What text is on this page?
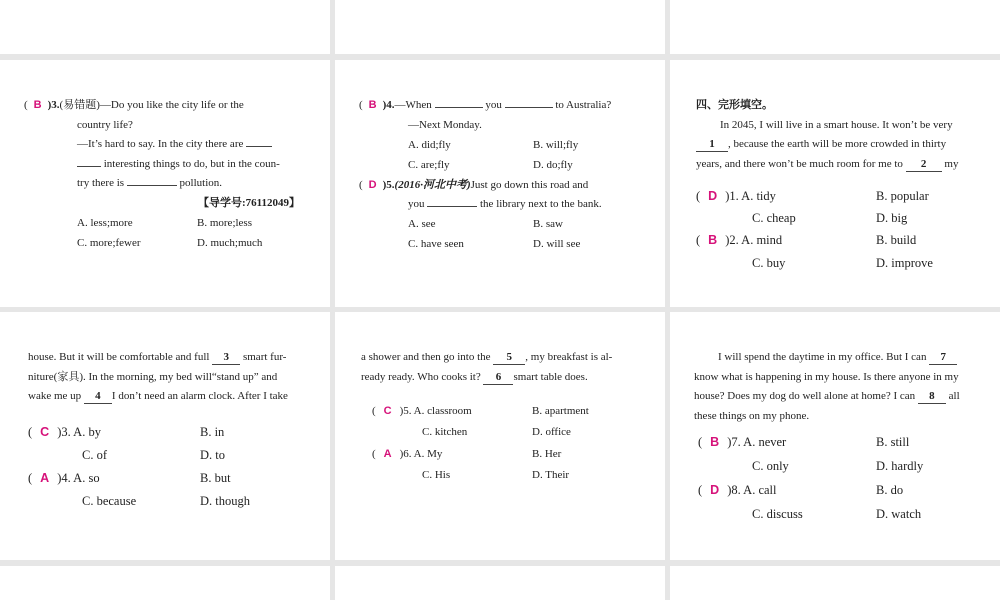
( B )3.(易错题)—Do you like the city life or the
country life?
—It’s hard to say. In the city there are
interesting things to do, but in the coun-
try there is	pollution.
【导学号:76112049】
A. less;more	B. more;less
C. more;fewer	D. much;much
( B )4.—When	you	to Australia?
—Next Monday.
A. did;fly	B. will;fly
C. are;fly	D. do;fly
( D )5.(2016·河北中考)Just go down this road and
you	the library next to the bank.
A. see	B. saw
C. have seen	D. will see
四、完形填空。
In 2045, I will live in a smart house. It won’t be very
1 , because the earth will be more crowded in thirty
years, and there won’t be much room for me to 2 my
( D )1. A. tidy	B. popular
C. cheap	D. big
( B )2. A. mind	B. build
C. buy	D. improve
house. But it will be comfortable and full 3 smart fur-
niture(家具). In the morning, my bed will“stand up” and
wake me up 4 I don’t need an alarm clock. After I take
( C )3. A. by	B. in
C. of	D. to
( A )4. A. so	B. but
C. because	D. though
a shower and then go into the 5 , my breakfast is al-
ready ready. Who cooks it? 6 smart table does.
( C )5. A. classroom	B. apartment
C. kitchen	D. office
( A )6. A. My	B. Her
C. His	D. Their
I will spend the daytime in my office. But I can 7
know what is happening in my house. Is there anyone in my
house? Does my dog do well alone at home? I can 8 all
these things on my phone.
( B )7. A. never	B. still
C. only	D. hardly
( D )8. A. call	B. do
C. discuss	D. watch
